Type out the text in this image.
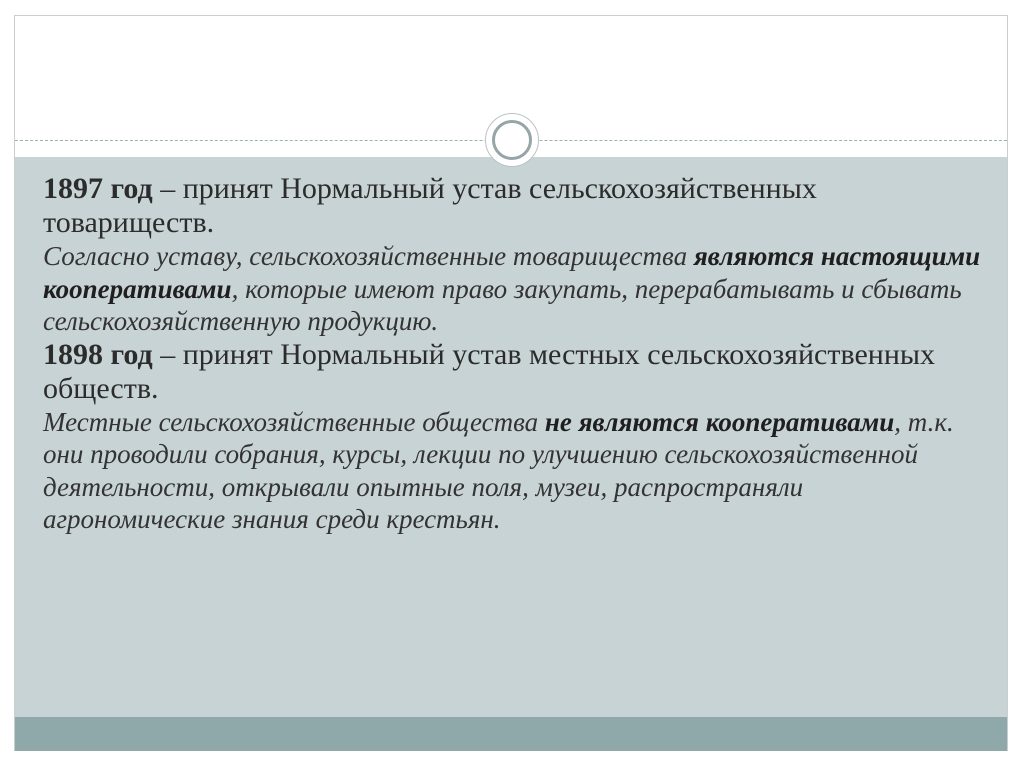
1897 год – принят Нормальный устав сельскохозяйственных товариществ.

Согласно уставу, сельскохозяйственные товарищества являются настоящими кооперативами, которые имеют право закупать, перерабатывать и сбывать сельскохозяйственную продукцию.

1898 год – принят Нормальный устав местных сельскохозяйственных обществ.

Местные сельскохозяйственные общества не являются кооперативами, т.к. они проводили собрания, курсы, лекции по улучшению сельскохозяйственной деятельности, открывали опытные поля, музеи, распространяли агрономические знания среди крестьян.
